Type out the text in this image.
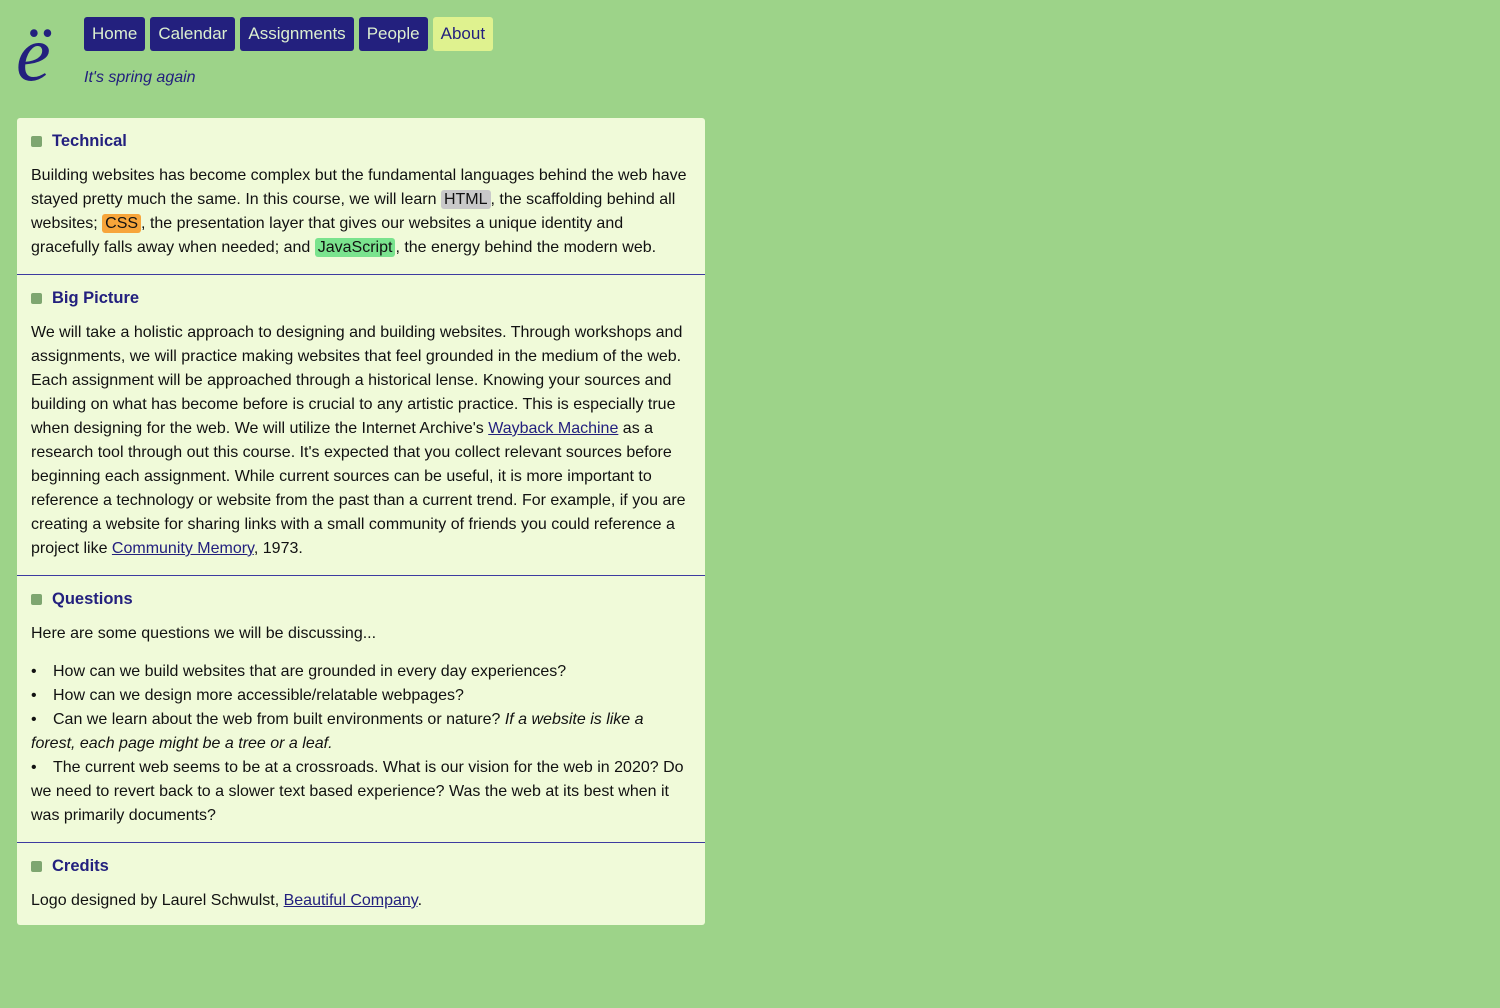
ë	Home	Calendar	Assignments	People	About
It's spring again
Technical

Building websites has become complex but the fundamental languages behind the web have stayed pretty much the same. In this course, we will learn HTML , the scaffolding behind all websites; CSS , the presentation layer that gives our websites a unique identity and gracefully falls away when needed; and JavaScript , the energy behind the modern web.

Big Picture

We will take a holistic approach to designing and building websites. Through workshops and assignments, we will practice making websites that feel grounded in the medium of the web. Each assignment will be approached through a historical lense. Knowing your sources and building on what has become before is crucial to any artistic practice. This is especially true when designing for the web. We will utilize the Internet Archive's Wayback Machine as a research tool through out this course. It's expected that you collect relevant sources before beginning each assignment. While current sources can be useful, it is more important to reference a technology or website from the past than a current trend. For example, if you are creating a website for sharing links with a small community of friends you could reference a project like Community Memory, 1973.

Questions

Here are some questions we will be discussing...

•How can we build websites that are grounded in every day experiences?
•How can we design more accessible/relatable webpages?
•Can we learn about the web from built environments or nature? If a website is like a forest, each page might be a tree or a leaf.
•The current web seems to be at a crossroads. What is our vision for the web in 2020? Do we need to revert back to a slower text based experience? Was the web at its best when it was primarily documents?
Credits

Logo designed by Laurel Schwulst, Beautiful Company.
